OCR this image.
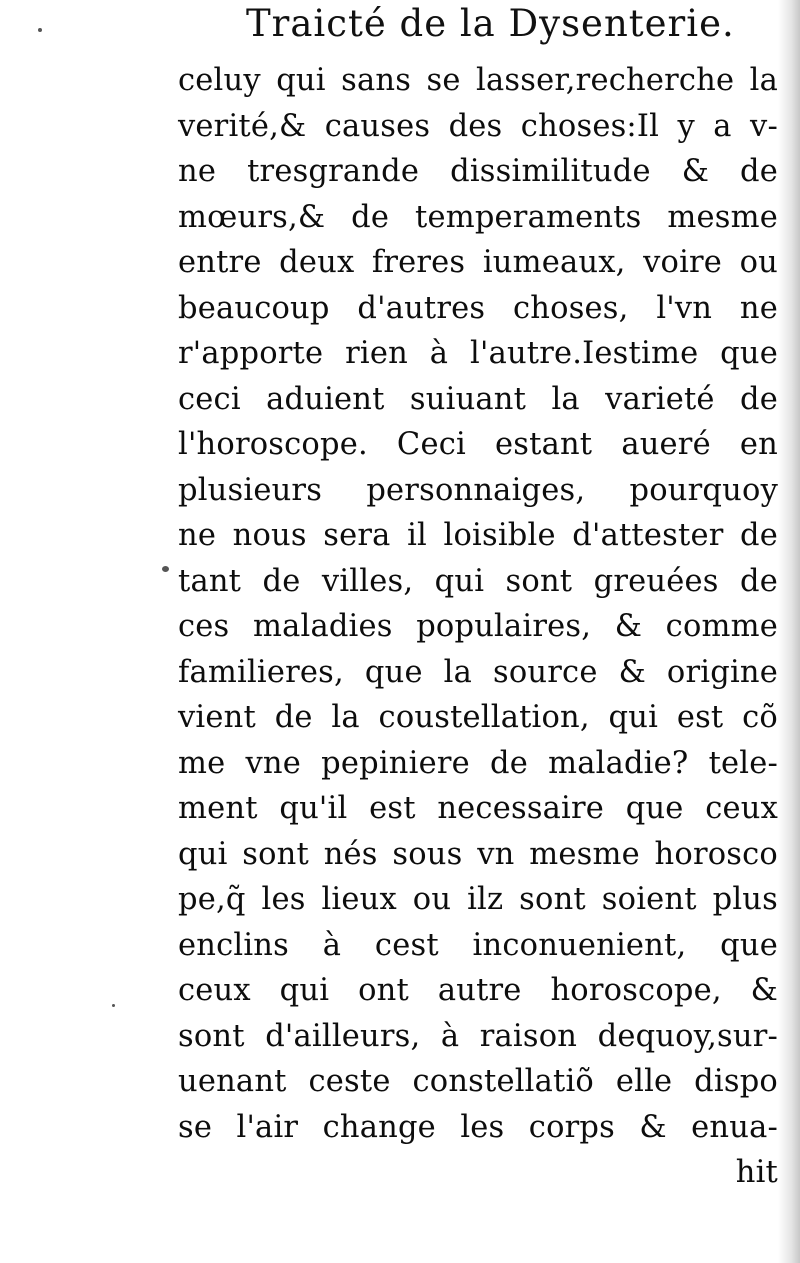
Traicté de la Dysenterie.
celuy qui sans se lasser,recherche la
verité,& causes des choses:Il y a v-
ne tresgrande dissimilitude & de
mœurs,& de temperaments mesme
entre deux freres iumeaux, voire ou
beaucoup d'autres choses, l'vn ne
r'apporte rien à l'autre.Iestime que
ceci aduient suiuant la varieté de
l'horoscope. Ceci estant aueré en
plusieurs personnaiges, pourquoy
ne nous sera il loisible d'attester de
tant de villes, qui sont greuées de
ces maladies populaires, & comme
familieres, que la source & origine
vient de la coustellation, qui est cõ
me vne pepiniere de maladie? tele-
ment qu'il est necessaire que ceux
qui sont nés sous vn mesme horosco
pe,q̃ les lieux ou ilz sont soient plus
enclins à cest inconuenient, que
ceux qui ont autre horoscope, &
sont d'ailleurs, à raison dequoy,sur-
uenant ceste constellatiõ elle dispo
se l'air change les corps & enua-
hit
